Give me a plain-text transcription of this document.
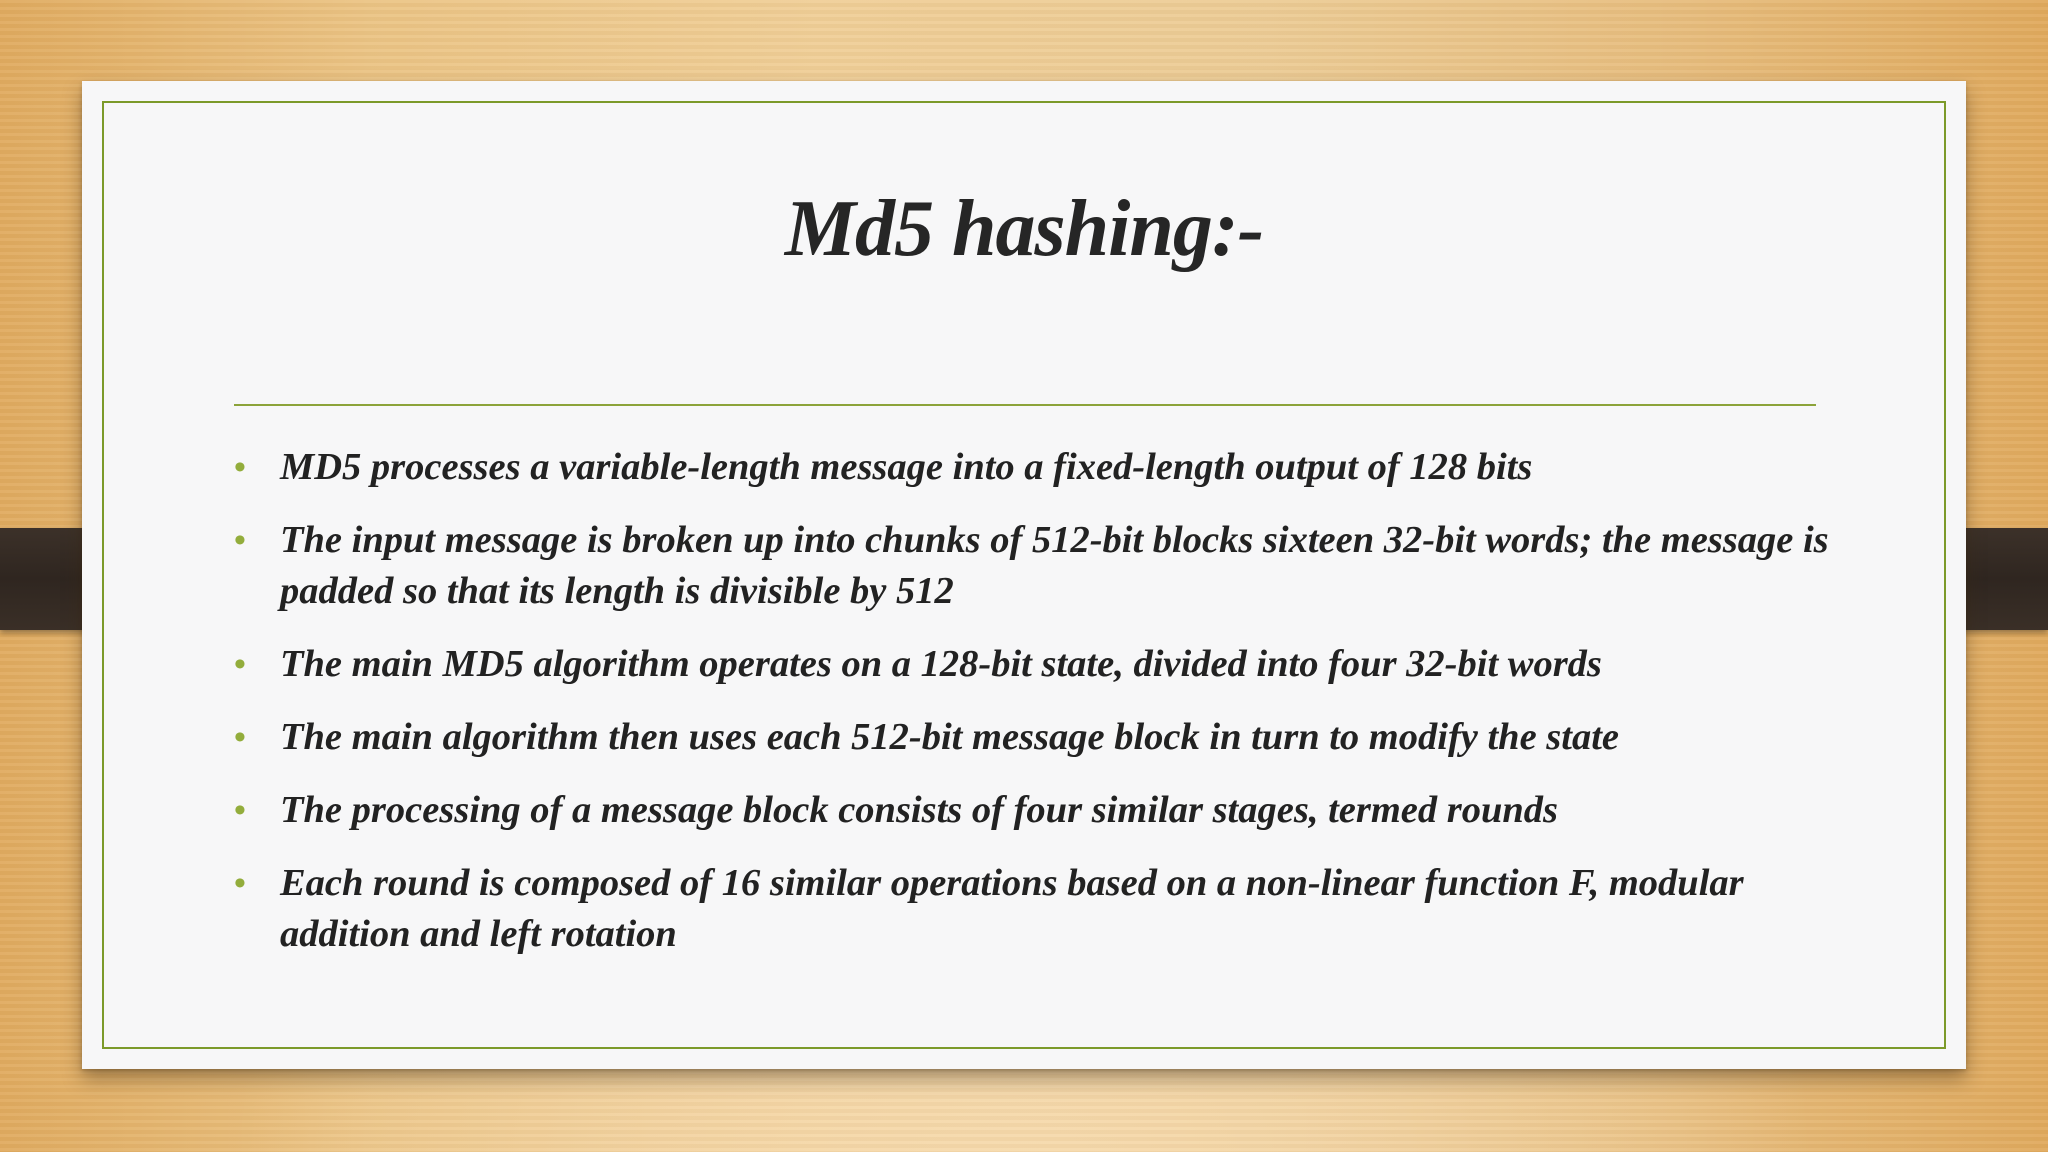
Md5 hashing:-
• MD5 processes a variable-length message into a fixed-length output of 128 bits
• The input message is broken up into chunks of 512-bit blocks sixteen 32-bit words; the message is padded so that its length is divisible by 512
• The main MD5 algorithm operates on a 128-bit state, divided into four 32-bit words
• The main algorithm then uses each 512-bit message block in turn to modify the state
• The processing of a message block consists of four similar stages, termed rounds
• Each round is composed of 16 similar operations based on a non-linear function F, modular addition and left rotation
